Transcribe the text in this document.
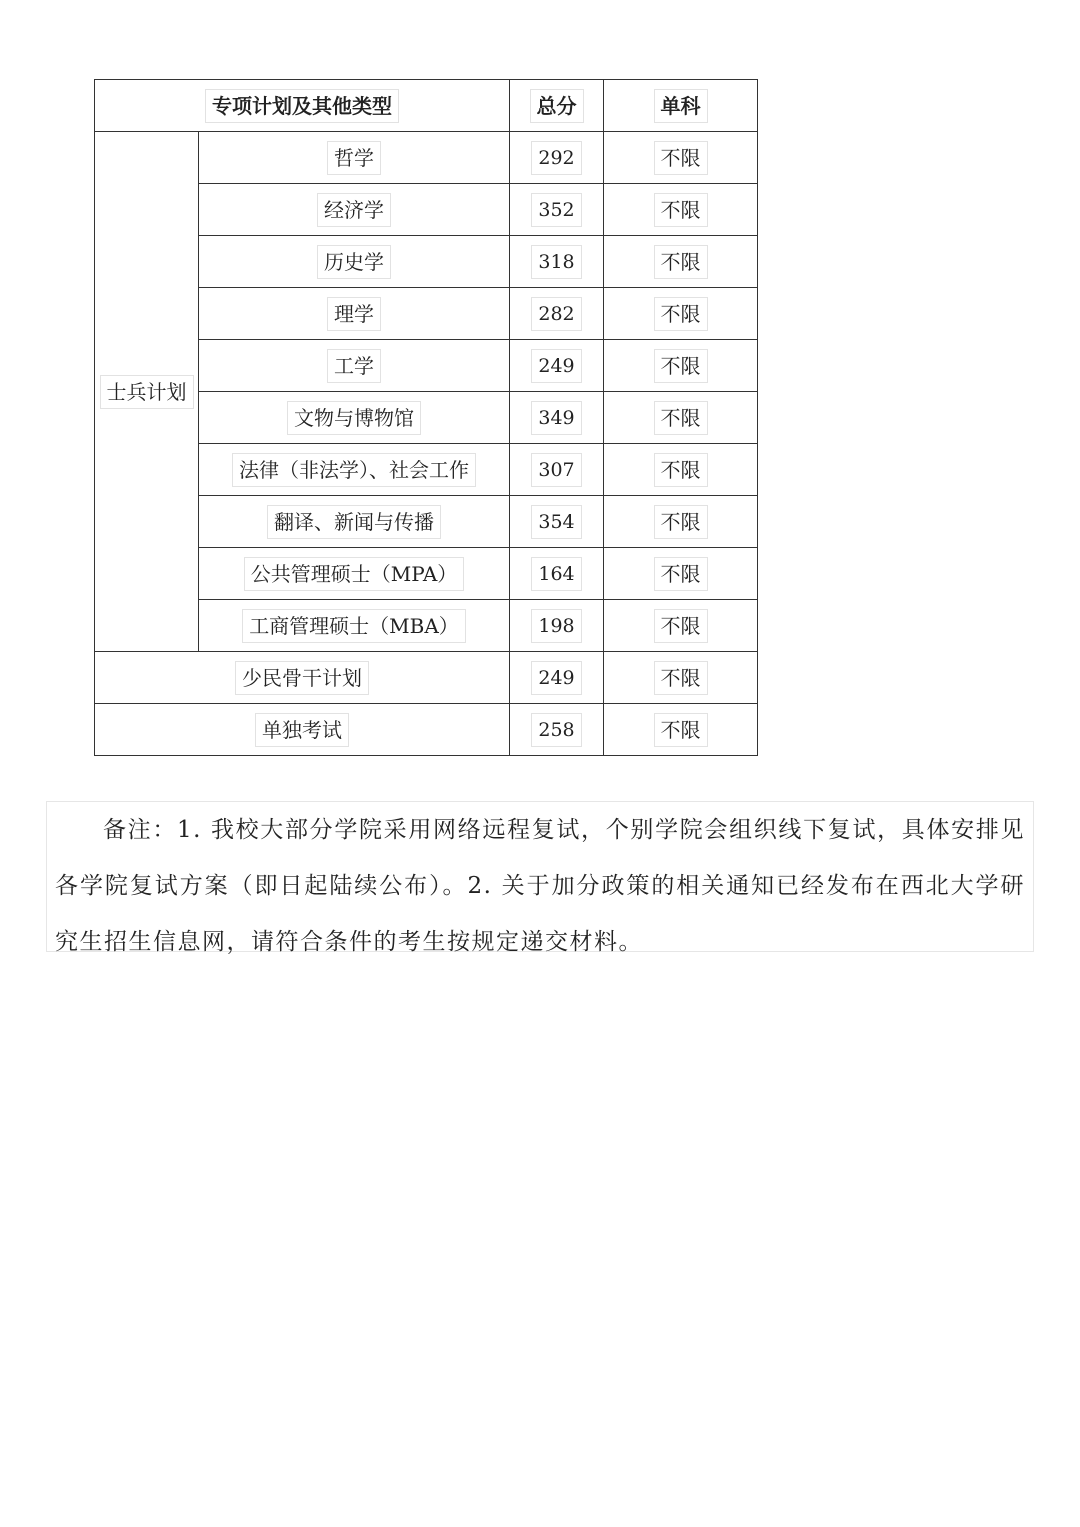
专项计划及其他类型		总分	单科
士兵计划	哲学	292	不限
	经济学	352	不限
	历史学	318	不限
	理学	282	不限
	工学	249	不限
	文物与博物馆	349	不限
	法律（非法学）、社会工作	307	不限
	翻译、新闻与传播	354	不限
	公共管理硕士（MPA）	164	不限
	工商管理硕士（MBA）	198	不限
少民骨干计划		249	不限
单独考试		258	不限
备注：1. 我校大部分学院采用网络远程复试，个别学院会组织线下复试，具体安排见各学院复试方案（即日起陆续公布）。2. 关于加分政策的相关通知已经发布在西北大学研究生招生信息网，请符合条件的考生按规定递交材料。
